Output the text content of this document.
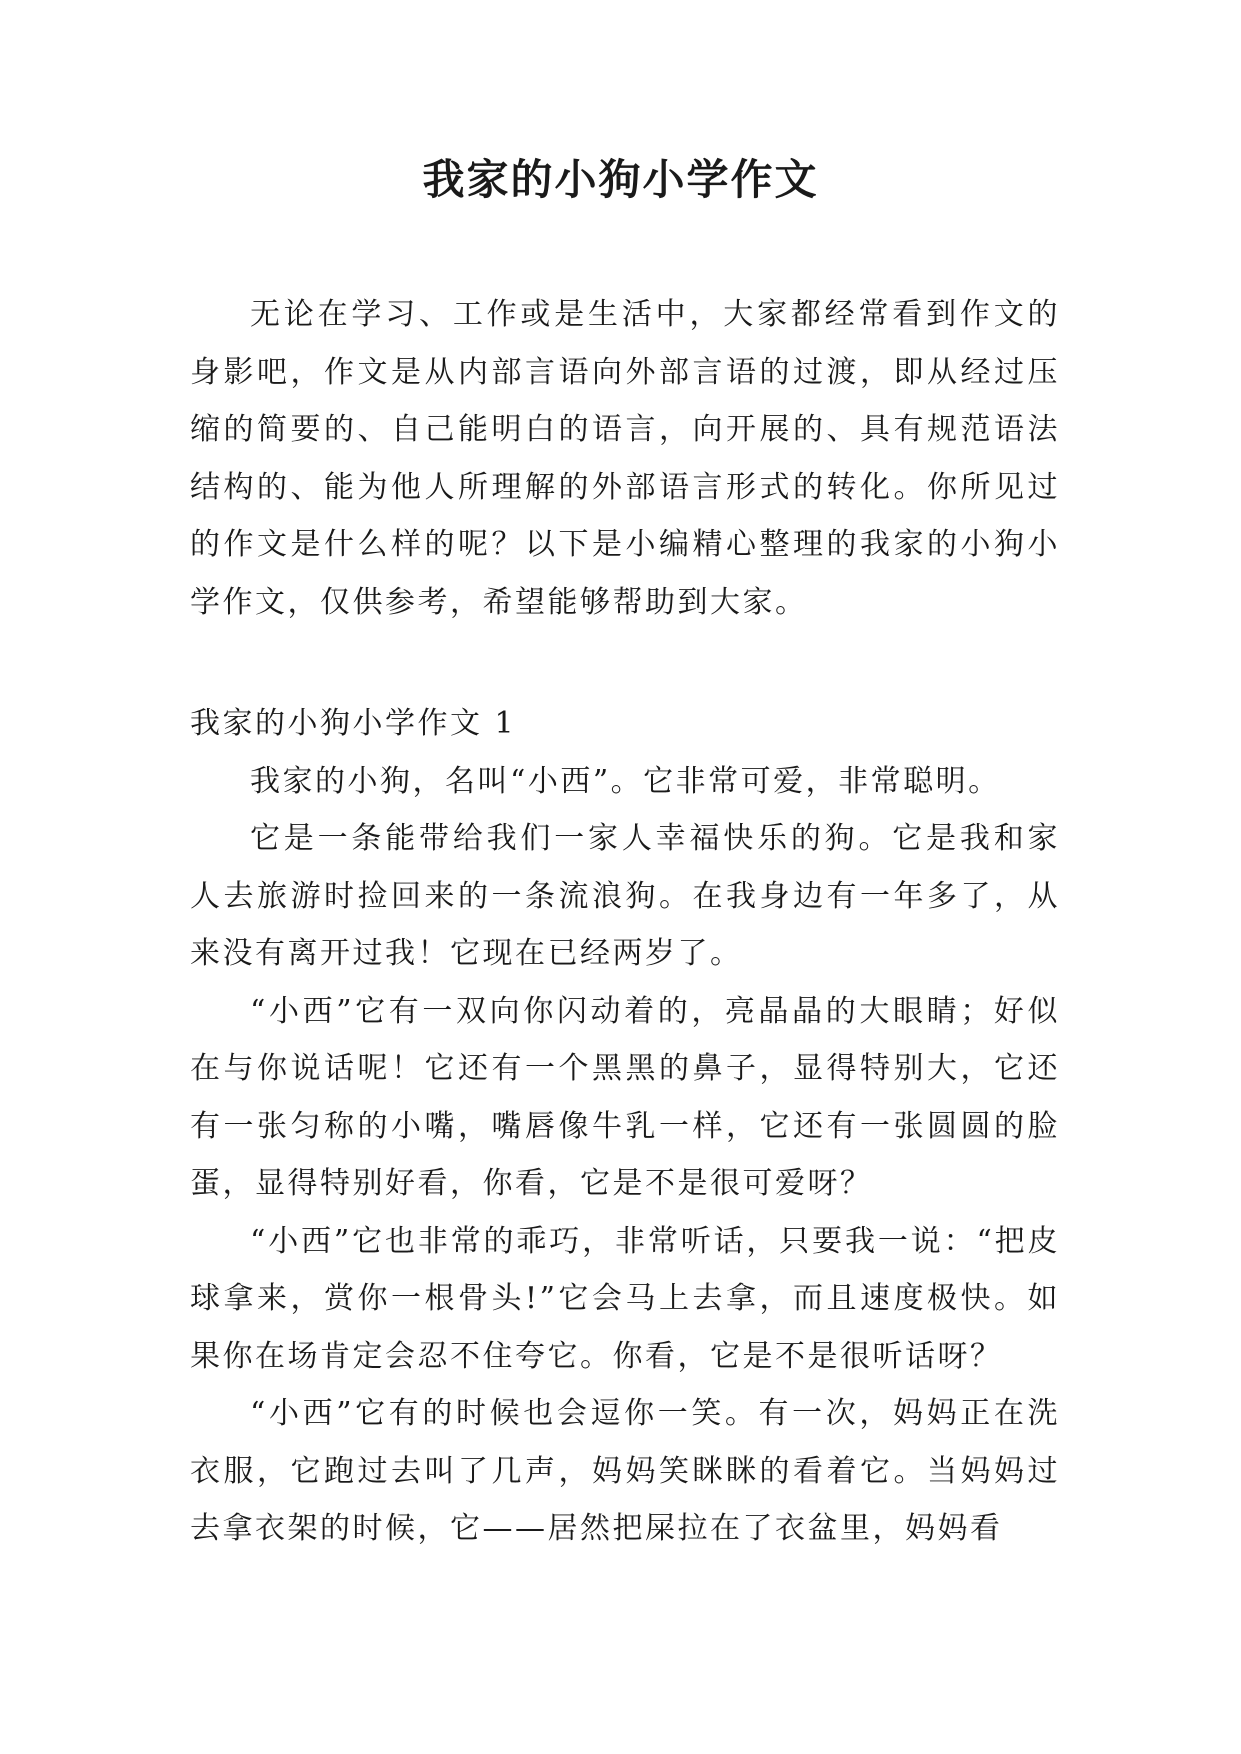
我家的小狗小学作文

无论在学习、工作或是生活中，大家都经常看到作文的身影吧，作文是从内部言语向外部言语的过渡，即从经过压缩的简要的、自己能明白的语言，向开展的、具有规范语法结构的、能为他人所理解的外部语言形式的转化。你所见过的作文是什么样的呢？以下是小编精心整理的我家的小狗小学作文，仅供参考，希望能够帮助到大家。

我家的小狗小学作文 1

我家的小狗，名叫“小西”。它非常可爱，非常聪明。

它是一条能带给我们一家人幸福快乐的狗。它是我和家人去旅游时捡回来的一条流浪狗。在我身边有一年多了，从来没有离开过我！它现在已经两岁了。

“小西”它有一双向你闪动着的，亮晶晶的大眼睛；好似在与你说话呢！它还有一个黑黑的鼻子，显得特别大，它还有一张匀称的小嘴，嘴唇像牛乳一样，它还有一张圆圆的脸蛋，显得特别好看，你看，它是不是很可爱呀？

“小西”它也非常的乖巧，非常听话，只要我一说：“把皮球拿来，赏你一根骨头!”它会马上去拿，而且速度极快。如果你在场肯定会忍不住夸它。你看，它是不是很听话呀？

“小西”它有的时候也会逗你一笑。有一次，妈妈正在洗衣服，它跑过去叫了几声，妈妈笑眯眯的看着它。当妈妈过去拿衣架的时候，它——居然把屎拉在了衣盆里，妈妈看
